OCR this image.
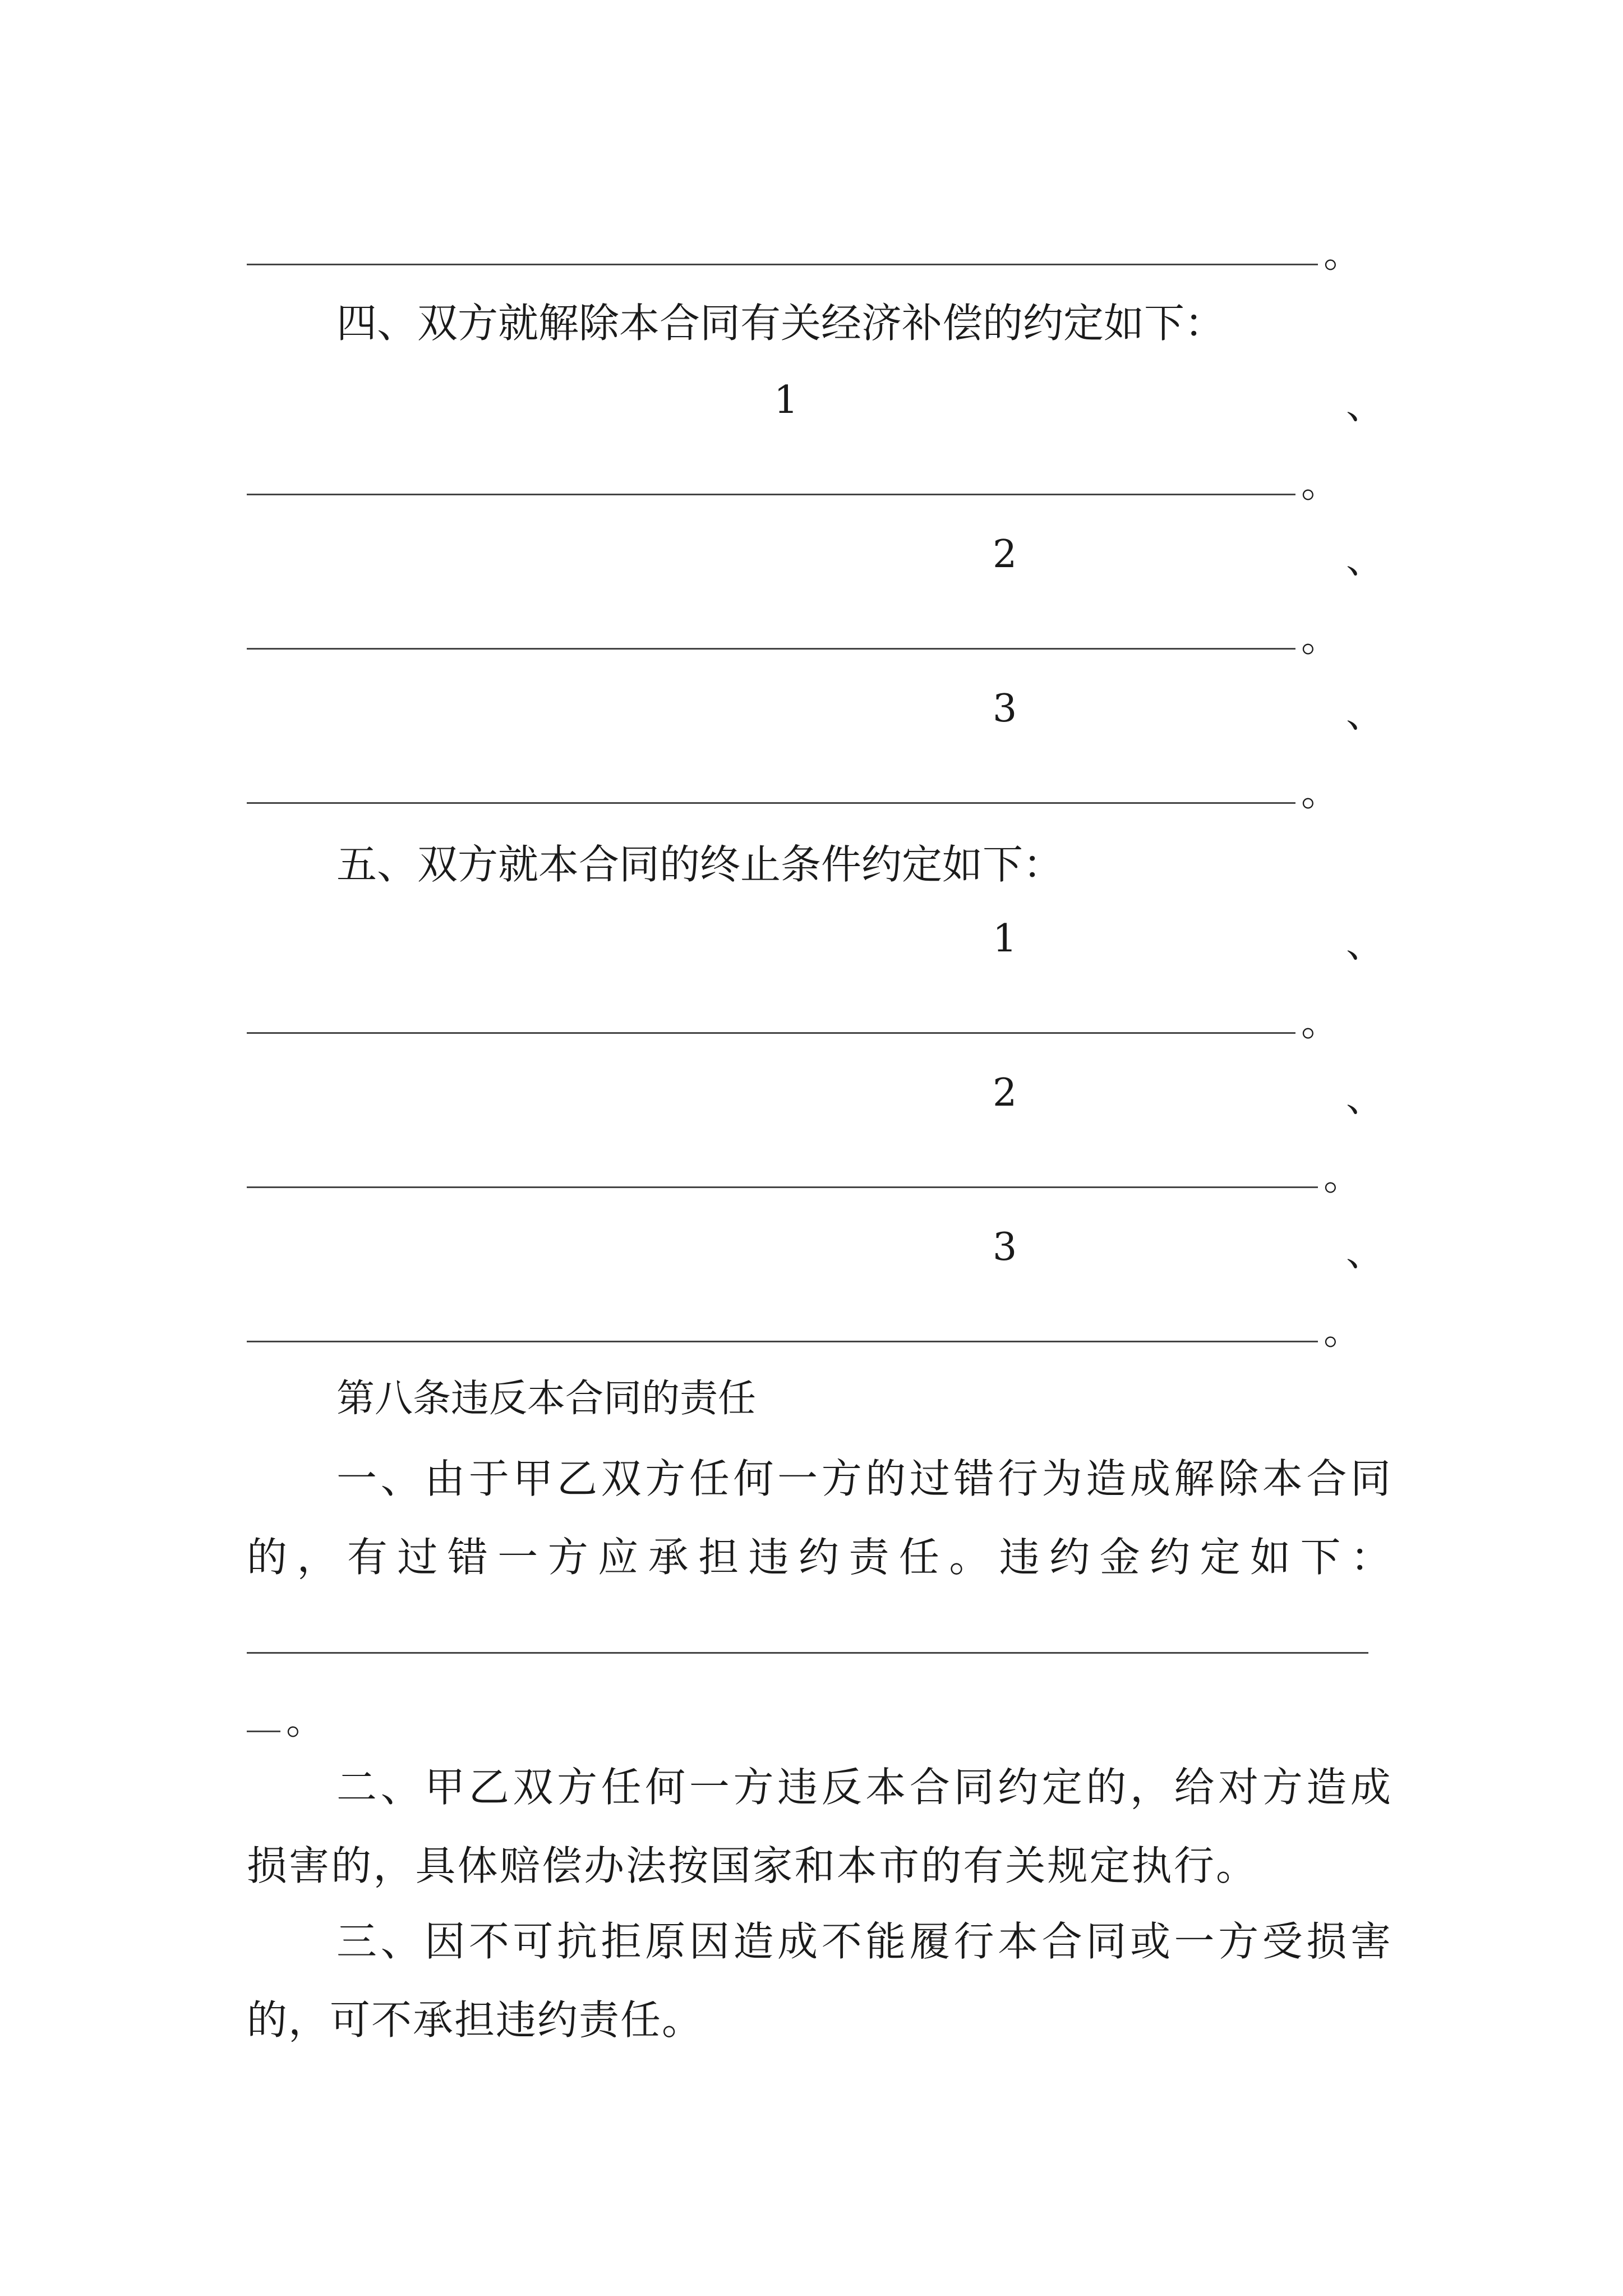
。
四、双方就解除本合同有关经济补偿的约定如下：
1	、
。
2	、
。
3	、
。
五、双方就本合同的终止条件约定如下：
1	、
。
2	、
。
3	、
。
第八条违反本合同的责任
一、由于甲乙双方任何一方的过错行为造成解除本合同
的，有过错一方应承担违约责任。违约金约定如下：
。
二、甲乙双方任何一方违反本合同约定的，给对方造成
损害的，具体赔偿办法按国家和本市的有关规定执行。
三、因不可抗拒原因造成不能履行本合同或一方受损害
的，可不承担违约责任。
